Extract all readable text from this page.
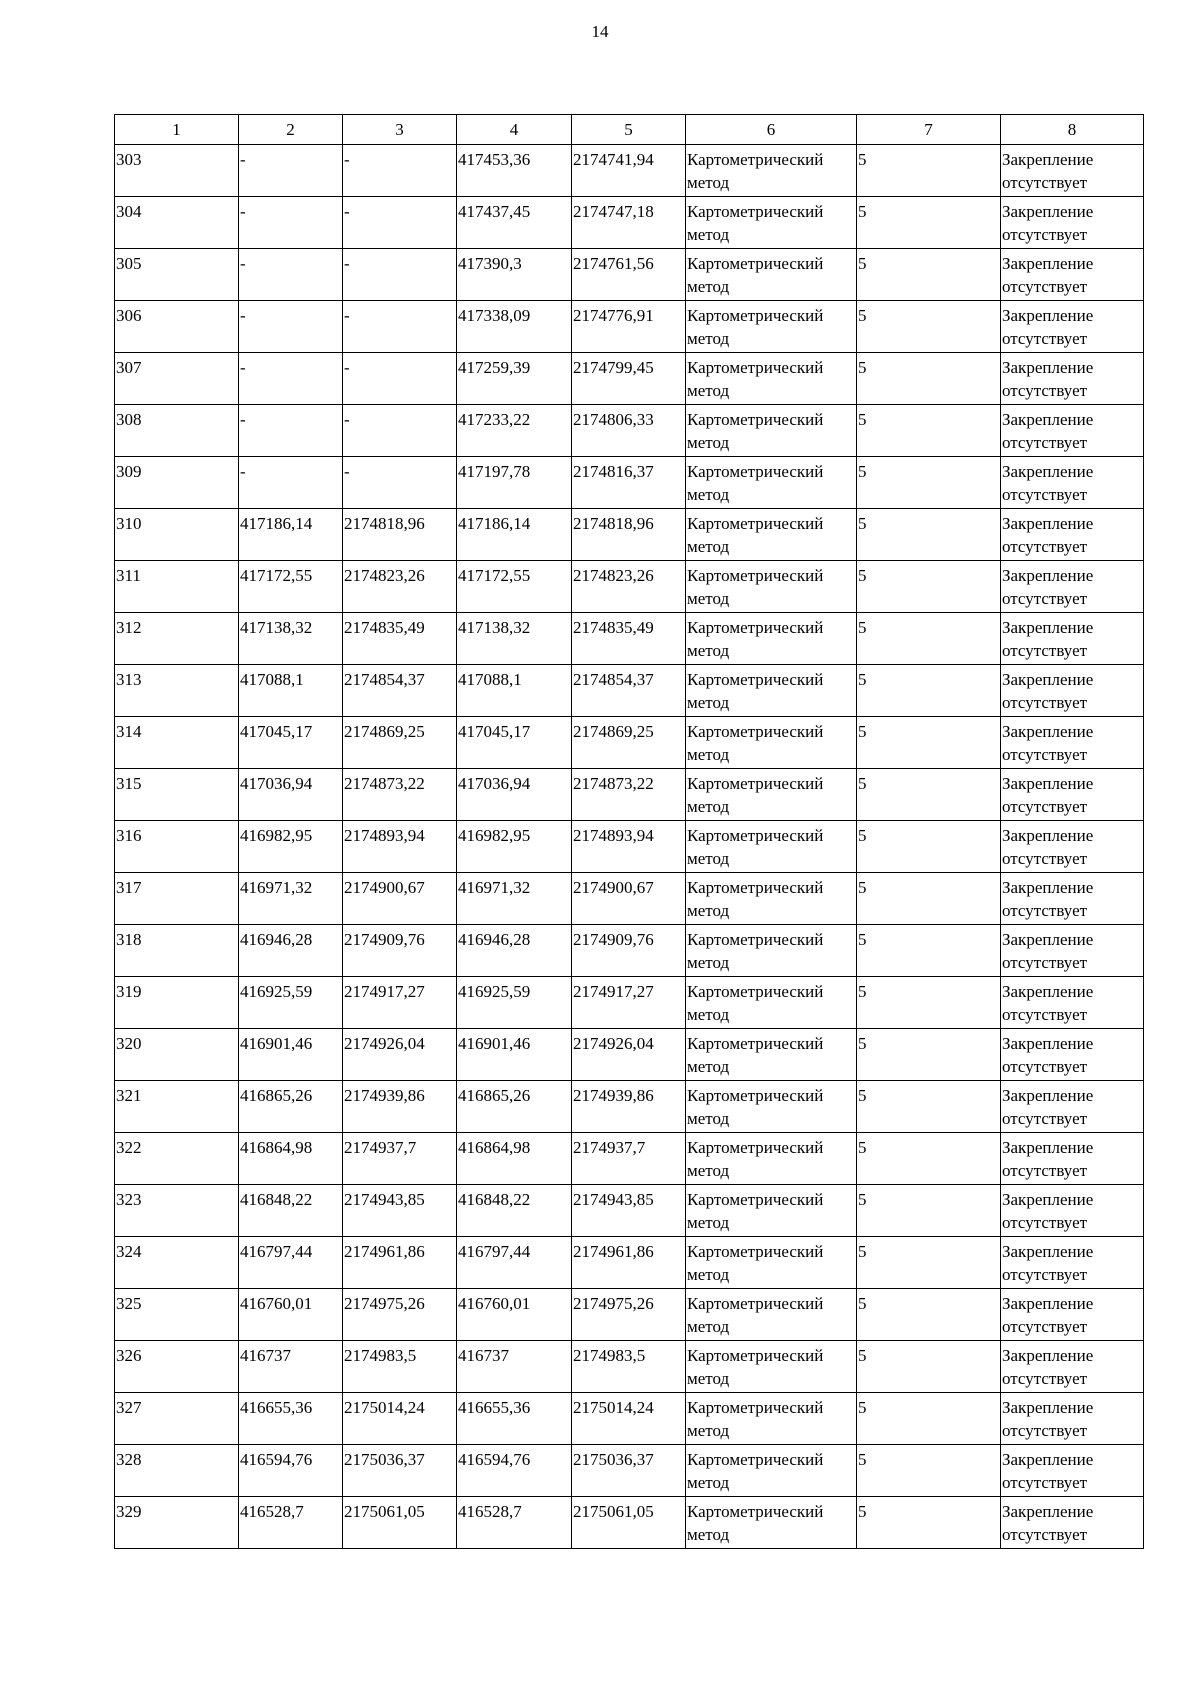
14
1	2	3	4	5	6	7	8
303	-	-	417453,36	2174741,94	Картометрический метод	5	Закрепление отсутствует
304	-	-	417437,45	2174747,18	Картометрический метод	5	Закрепление отсутствует
305	-	-	417390,3	2174761,56	Картометрический метод	5	Закрепление отсутствует
306	-	-	417338,09	2174776,91	Картометрический метод	5	Закрепление отсутствует
307	-	-	417259,39	2174799,45	Картометрический метод	5	Закрепление отсутствует
308	-	-	417233,22	2174806,33	Картометрический метод	5	Закрепление отсутствует
309	-	-	417197,78	2174816,37	Картометрический метод	5	Закрепление отсутствует
310	417186,14	2174818,96	417186,14	2174818,96	Картометрический метод	5	Закрепление отсутствует
311	417172,55	2174823,26	417172,55	2174823,26	Картометрический метод	5	Закрепление отсутствует
312	417138,32	2174835,49	417138,32	2174835,49	Картометрический метод	5	Закрепление отсутствует
313	417088,1	2174854,37	417088,1	2174854,37	Картометрический метод	5	Закрепление отсутствует
314	417045,17	2174869,25	417045,17	2174869,25	Картометрический метод	5	Закрепление отсутствует
315	417036,94	2174873,22	417036,94	2174873,22	Картометрический метод	5	Закрепление отсутствует
316	416982,95	2174893,94	416982,95	2174893,94	Картометрический метод	5	Закрепление отсутствует
317	416971,32	2174900,67	416971,32	2174900,67	Картометрический метод	5	Закрепление отсутствует
318	416946,28	2174909,76	416946,28	2174909,76	Картометрический метод	5	Закрепление отсутствует
319	416925,59	2174917,27	416925,59	2174917,27	Картометрический метод	5	Закрепление отсутствует
320	416901,46	2174926,04	416901,46	2174926,04	Картометрический метод	5	Закрепление отсутствует
321	416865,26	2174939,86	416865,26	2174939,86	Картометрический метод	5	Закрепление отсутствует
322	416864,98	2174937,7	416864,98	2174937,7	Картометрический метод	5	Закрепление отсутствует
323	416848,22	2174943,85	416848,22	2174943,85	Картометрический метод	5	Закрепление отсутствует
324	416797,44	2174961,86	416797,44	2174961,86	Картометрический метод	5	Закрепление отсутствует
325	416760,01	2174975,26	416760,01	2174975,26	Картометрический метод	5	Закрепление отсутствует
326	416737	2174983,5	416737	2174983,5	Картометрический метод	5	Закрепление отсутствует
327	416655,36	2175014,24	416655,36	2175014,24	Картометрический метод	5	Закрепление отсутствует
328	416594,76	2175036,37	416594,76	2175036,37	Картометрический метод	5	Закрепление отсутствует
329	416528,7	2175061,05	416528,7	2175061,05	Картометрический метод	5	Закрепление отсутствует
